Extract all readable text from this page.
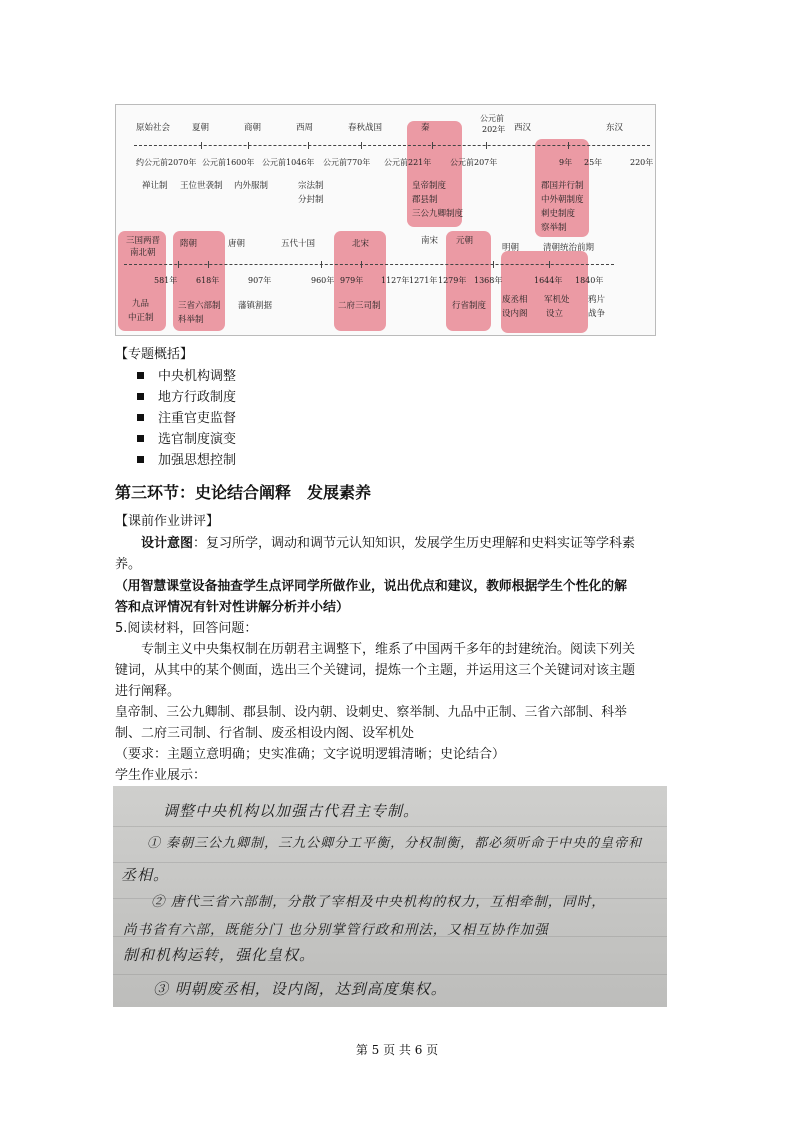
原始社会	夏朝	商朝	西周	春秋战国	秦
公元前
202年 西汉	东汉
约公元前2070年 公元前1600年 公元前1046年 公元前770年 公元前221年 公元前207年	9年 25年	220年
禅让制 王位世袭制 内外服制	宗法制
分封制
皇帝制度
郡县制
三公九卿制度
郡国并行制
中外朝制度
刺史制度
察举制
三国两晋
南北朝
隋朝	唐朝	五代十国	北宋	南宋 元朝
明朝	清朝统治前期
581年 618年	907年	960年 979年 1127年 1271年 1279年 1368年	1644年 1840年
九品
中正制
三省六部制
科举制
藩镇割据	二府三司制	行省制度
废丞相
设内阁
军机处
设立
鸦片
战争
【专题概括】
中央机构调整
地方行政制度
注重官吏监督
选官制度演变
加强思想控制
第三环节：史论结合阐释　发展素养
【课前作业讲评】
设计意图：复习所学，调动和调节元认知知识，发展学生历史理解和史料实证等学科素
养。
（用智慧课堂设备抽查学生点评同学所做作业，说出优点和建议，教师根据学生个性化的解
答和点评情况有针对性讲解分析并小结）
5.阅读材料，回答问题：
专制主义中央集权制在历朝君主调整下，维系了中国两千多年的封建统治。阅读下列关
键词，从其中的某个侧面，选出三个关键词，提炼一个主题，并运用这三个关键词对该主题
进行阐释。
皇帝制、三公九卿制、郡县制、设内朝、设刺史、察举制、九品中正制、三省六部制、科举
制、二府三司制、行省制、废丞相设内阁、设军机处
（要求：主题立意明确；史实准确；文字说明逻辑清晰；史论结合）
学生作业展示：
调整中央机构以加强古代君主专制。
① 秦朝三公九卿制，三九公卿分工平衡，分权制衡，都必须听命于中央的皇帝和
丞相。
② 唐代三省六部制，分散了宰相及中央机构的权力，互相牵制，同时，
尚书省有六部，既能分门 也分别掌管行政和刑法，又相互协作加强
制和机构运转，强化皇权。
③ 明朝废丞相，设内阁，达到高度集权。
第 5 页 共 6 页
